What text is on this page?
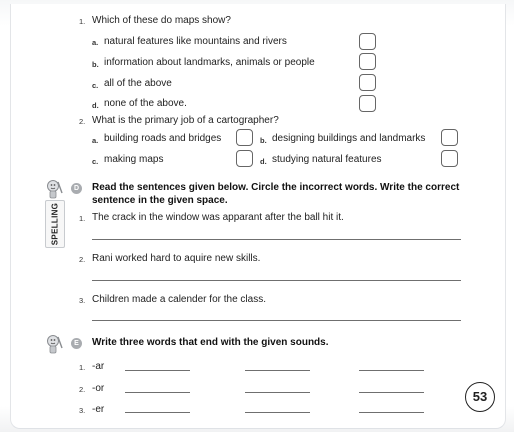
1. Which of these do maps show?
a. natural features like mountains and rivers
b. information about landmarks, animals or people
c. all of the above
d. none of the above.
2. What is the primary job of a cartographer?
a. building roads and bridges	b. designing buildings and landmarks
c. making maps	d. studying natural features
D Read the sentences given below. Circle the incorrect words. Write the correct sentence in the given space.
SPELLING	1. The crack in the window was apparant after the ball hit it.
2. Rani worked hard to aquire new skills.
3. Children made a calender for the class.
E	Write three words that end with the given sounds.
1. -ar
2. -or
3. -er
53
